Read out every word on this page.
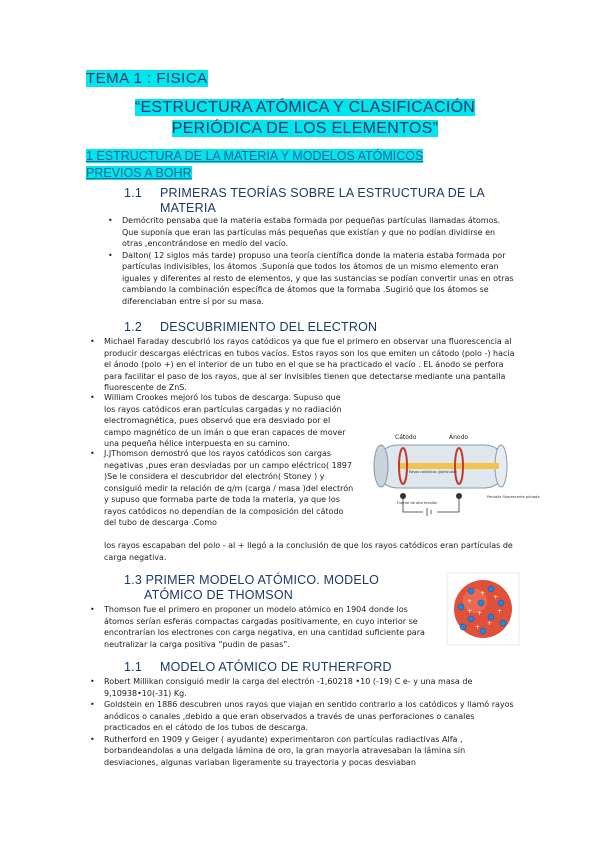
TEMA 1 : FISICA
“ESTRUCTURA ATÓMICA Y CLASIFICACIÓN
PERIÓDICA DE LOS ELEMENTOS”
1 ESTRUCTURA DE LA MATERIA Y MODELOS ATÓMICOS
PREVIOS A BOHR
1.1 PRIMERAS TEORÍAS SOBRE LA ESTRUCTURA DE LA
MATERIA
• Demócrito pensaba que la materia estaba formada por pequeñas partículas llamadas átomos. Que suponía que eran las partículas más pequeñas que existían y que no podían dividirse en otras ,encontrándose en medio del vacío.
• Dalton( 12 siglos más tarde) propuso una teoría científica donde la materia estaba formada por partículas indivisibles, los átomos .Suponía que todos los átomos de un mismo elemento eran iguales y diferentes al resto de elementos, y que las sustancias se podían convertir unas en otras cambiando la combinación específica de átomos que la formaba .Sugirió que los átomos se diferenciaban entre sí por su masa.
1.2 DESCUBRIMIENTO DEL ELECTRON
• Michael Faraday descubrió los rayos catódicos ya que fue el primero en observar una fluorescencia al producir descargas eléctricas en tubos vacíos. Estos rayos son los que emiten un cátodo (polo -) hacia el ánodo (polo +) en el interior de un tubo en el que se ha practicado el vacío . EL ánodo se perfora para facilitar el paso de los rayos, que al ser invisibles tienen que detectarse mediante una pantalla fluorescente de ZnS.
• William Crookes mejoró los tubos de descarga. Supuso que los rayos catódicos eran partículas cargadas y no radiación electromagnética, pues observó que era desviado por el campo magnético de un imán o que eran capaces de mover una pequeña hélice interpuesta en su camino.
• J.JThomson demostró que los rayos catódicos son cargas negativas ,pues eran desviadas por un campo eléctrico( 1897 )Se le considera el descubridor del electrón( Stoney ) y consiguió medir la relación de q/m (carga / masa )del electrón y supuso que formaba parte de toda la materia, ya que los rayos catódicos no dependían de la composición del cátodo del tubo de descarga .Como
los rayos escapaban del polo - al + llegó a la conclusión de que los rayos catódicos eran partículas de carga negativa.
Cátodo	Ánodo
Rayos catódicos (partículas)
Fuente de alta tensión
Pantalla fluorescente pintada
1.3 PRIMER MODELO ATÓMICO. MODELO
ATÓMICO DE THOMSON
• Thomson fue el primero en proponer un modelo atómico en 1904 donde los átomos serían esferas compactas cargadas positivamente, en cuyo interior se encontrarían los electrones con carga negativa, en una cantidad suficiente para neutralizar la carga positiva “pudin de pasas”.
+
+
+
+ +
+
+
+
1.1 MODELO ATÓMICO DE RUTHERFORD
• Robert Millikan consiguió medir la carga del electrón -1,60218 •10 (-19) C e- y una masa de 9,10938•10(-31) Kg.
• Goldstein en 1886 descubren unos rayos que viajan en sentido contrario a los catódicos y llamó rayos anódicos o canales ,debido a que eran observados a través de unas perforaciones o canales practicados en el cátodo de los tubos de descarga.
• Rutherford en 1909 y Geiger ( ayudante) experimentaron con partículas radiactivas Alfa , borbandeandolas a una delgada lámina de oro, la gran mayoría atravesaban la lámina sin desviaciones, algunas variaban ligeramente su trayectoria y pocas desviaban
